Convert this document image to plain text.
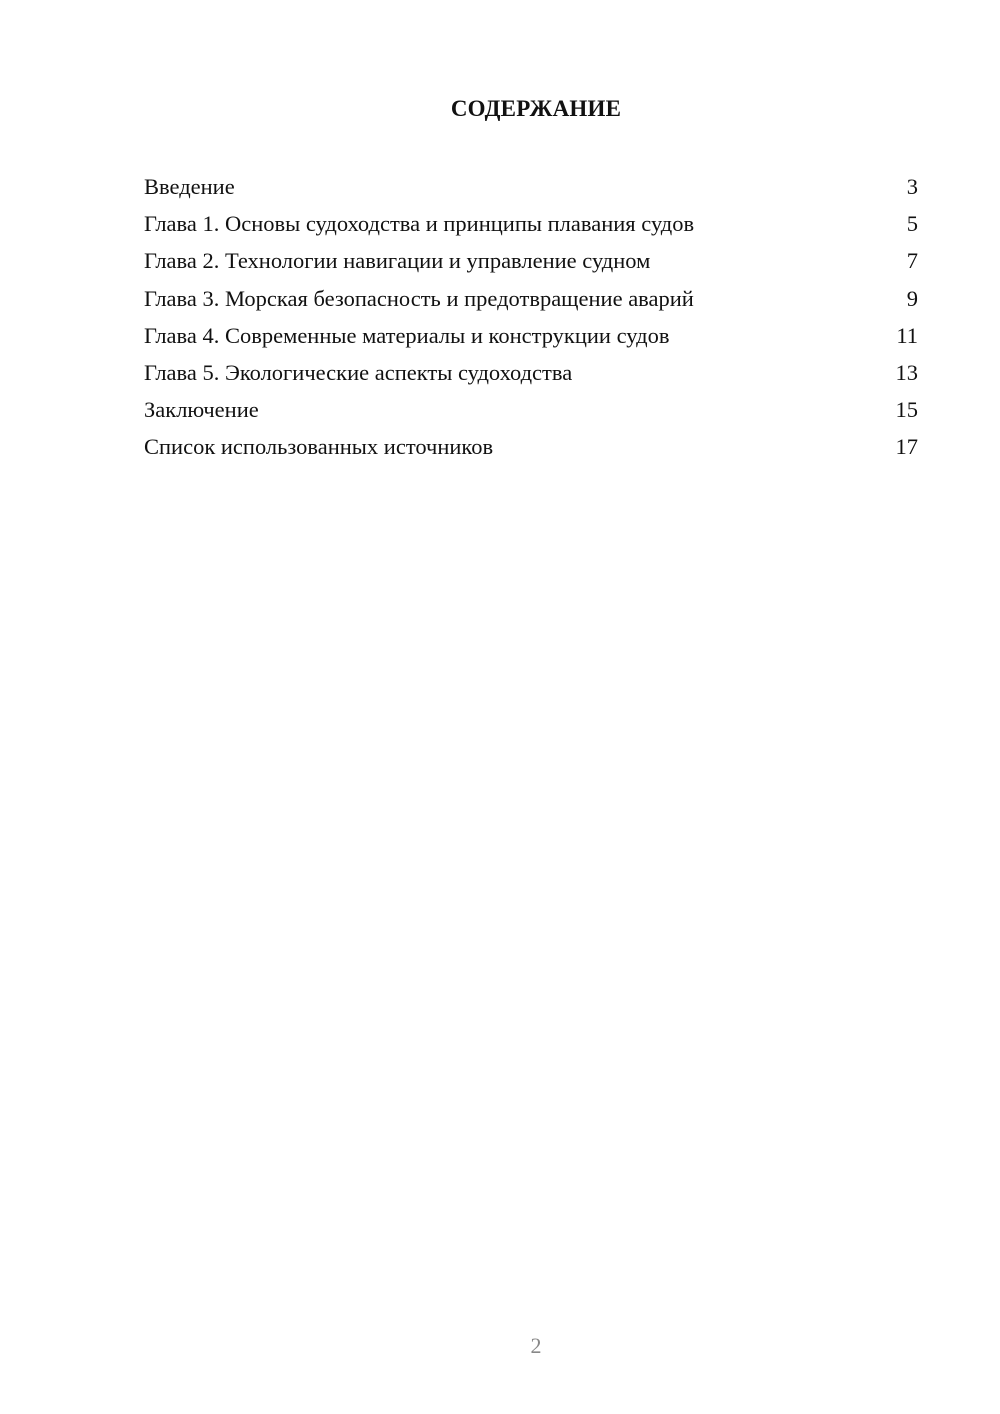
СОДЕРЖАНИЕ
Введение	3
Глава 1. Основы судоходства и принципы плавания судов	5
Глава 2. Технологии навигации и управление судном	7
Глава 3. Морская безопасность и предотвращение аварий	9
Глава 4. Современные материалы и конструкции судов	11
Глава 5. Экологические аспекты судоходства	13
Заключение	15
Список использованных источников	17
2
